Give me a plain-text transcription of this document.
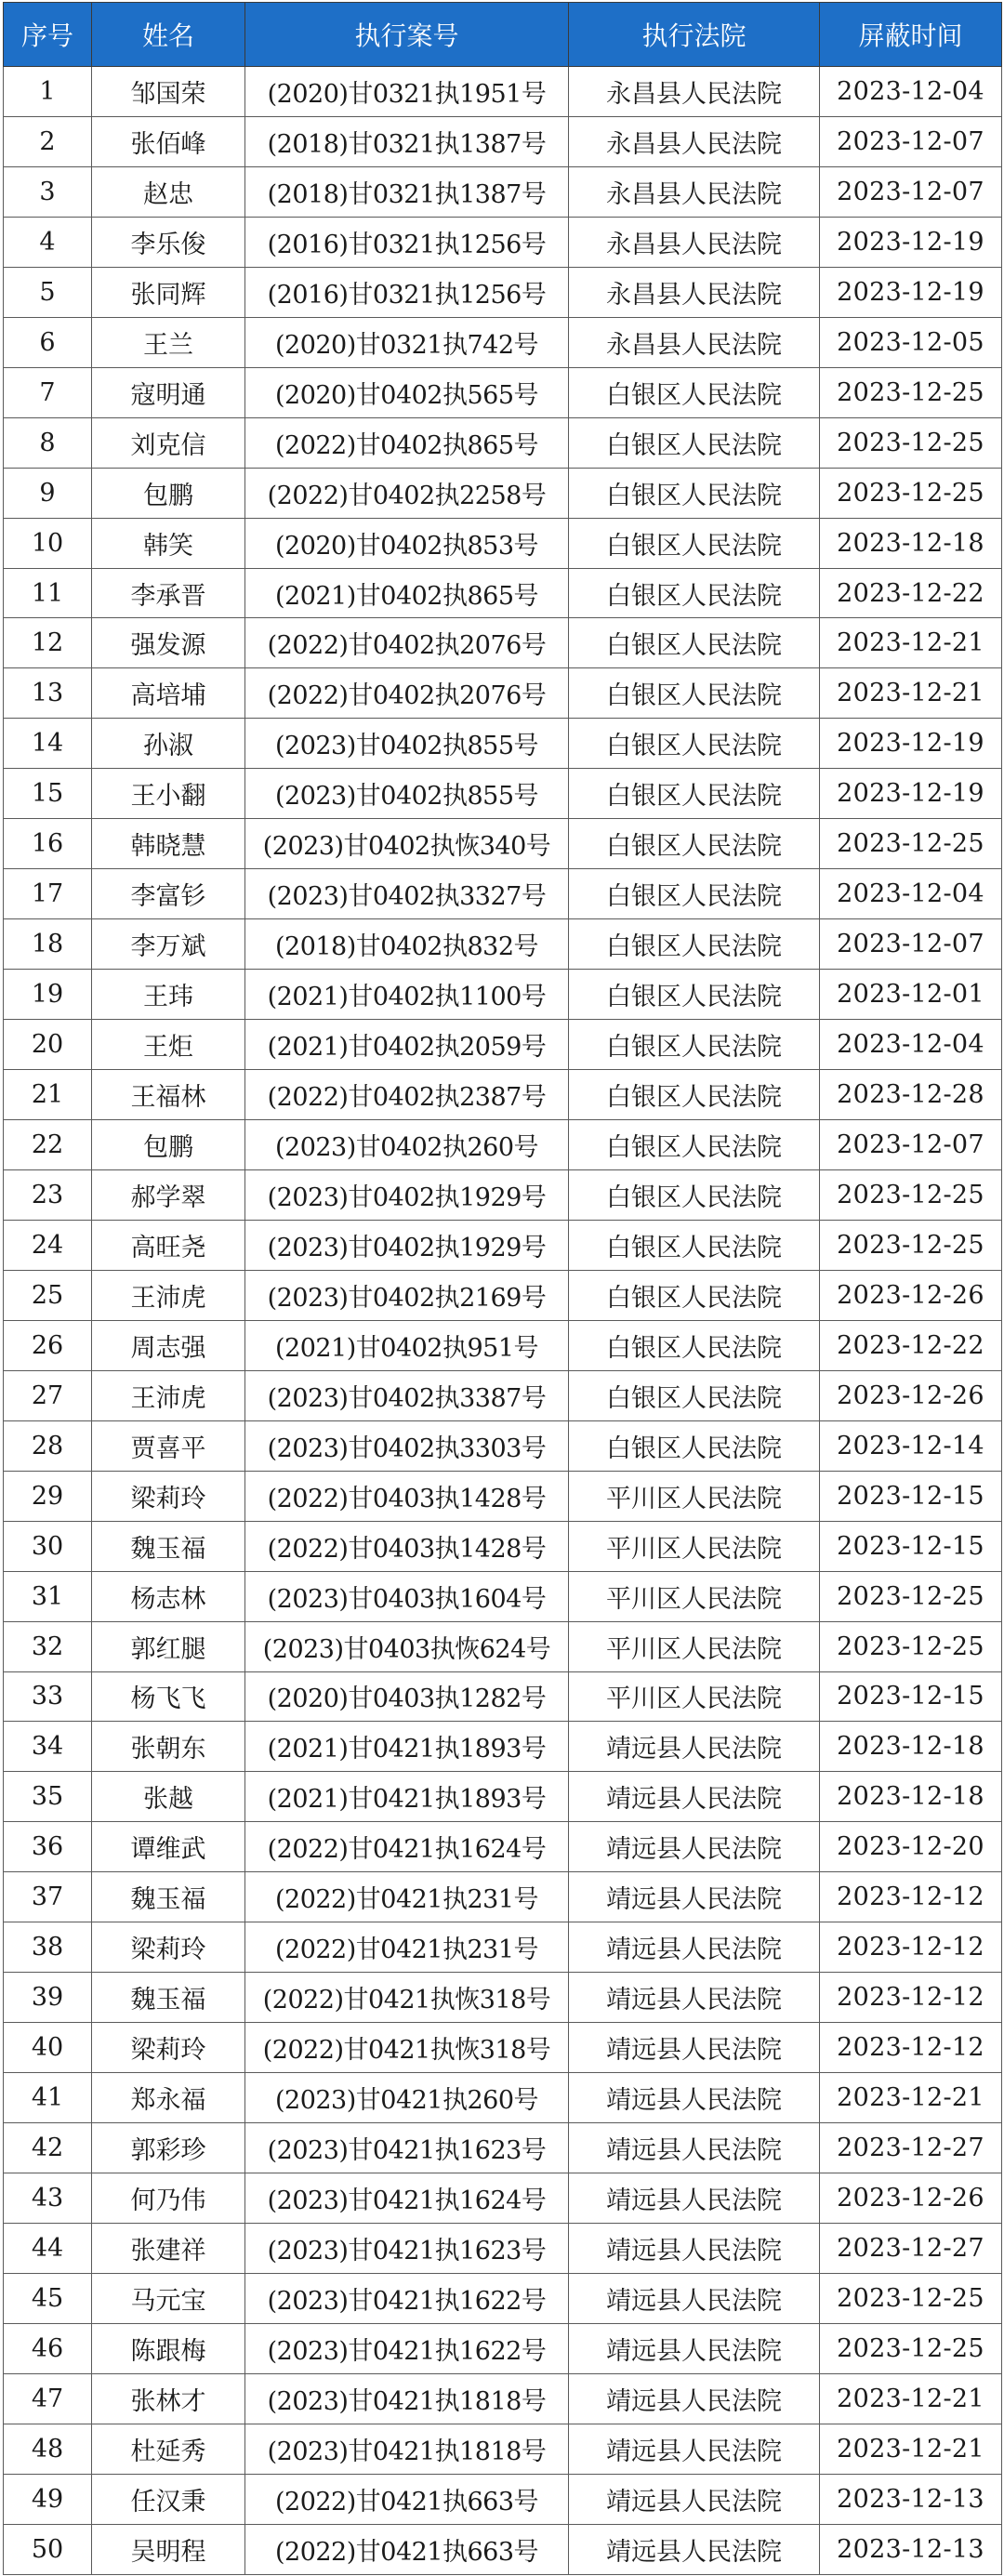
序号	姓名	执行案号	执行法院	屏蔽时间
1	邹国荣	(2020)甘0321执1951号	永昌县人民法院	2023-12-04
2	张佰峰	(2018)甘0321执1387号	永昌县人民法院	2023-12-07
3	赵忠	(2018)甘0321执1387号	永昌县人民法院	2023-12-07
4	李乐俊	(2016)甘0321执1256号	永昌县人民法院	2023-12-19
5	张同辉	(2016)甘0321执1256号	永昌县人民法院	2023-12-19
6	王兰	(2020)甘0321执742号	永昌县人民法院	2023-12-05
7	寇明通	(2020)甘0402执565号	白银区人民法院	2023-12-25
8	刘克信	(2022)甘0402执865号	白银区人民法院	2023-12-25
9	包鹏	(2022)甘0402执2258号	白银区人民法院	2023-12-25
10	韩笑	(2020)甘0402执853号	白银区人民法院	2023-12-18
11	李承晋	(2021)甘0402执865号	白银区人民法院	2023-12-22
12	强发源	(2022)甘0402执2076号	白银区人民法院	2023-12-21
13	高培埔	(2022)甘0402执2076号	白银区人民法院	2023-12-21
14	孙淑	(2023)甘0402执855号	白银区人民法院	2023-12-19
15	王小翻	(2023)甘0402执855号	白银区人民法院	2023-12-19
16	韩晓慧	(2023)甘0402执恢340号	白银区人民法院	2023-12-25
17	李富钐	(2023)甘0402执3327号	白银区人民法院	2023-12-04
18	李万斌	(2018)甘0402执832号	白银区人民法院	2023-12-07
19	王玮	(2021)甘0402执1100号	白银区人民法院	2023-12-01
20	王炬	(2021)甘0402执2059号	白银区人民法院	2023-12-04
21	王福林	(2022)甘0402执2387号	白银区人民法院	2023-12-28
22	包鹏	(2023)甘0402执260号	白银区人民法院	2023-12-07
23	郝学翠	(2023)甘0402执1929号	白银区人民法院	2023-12-25
24	高旺尧	(2023)甘0402执1929号	白银区人民法院	2023-12-25
25	王沛虎	(2023)甘0402执2169号	白银区人民法院	2023-12-26
26	周志强	(2021)甘0402执951号	白银区人民法院	2023-12-22
27	王沛虎	(2023)甘0402执3387号	白银区人民法院	2023-12-26
28	贾喜平	(2023)甘0402执3303号	白银区人民法院	2023-12-14
29	梁莉玲	(2022)甘0403执1428号	平川区人民法院	2023-12-15
30	魏玉福	(2022)甘0403执1428号	平川区人民法院	2023-12-15
31	杨志林	(2023)甘0403执1604号	平川区人民法院	2023-12-25
32	郭红腿	(2023)甘0403执恢624号	平川区人民法院	2023-12-25
33	杨飞飞	(2020)甘0403执1282号	平川区人民法院	2023-12-15
34	张朝东	(2021)甘0421执1893号	靖远县人民法院	2023-12-18
35	张越	(2021)甘0421执1893号	靖远县人民法院	2023-12-18
36	谭维武	(2022)甘0421执1624号	靖远县人民法院	2023-12-20
37	魏玉福	(2022)甘0421执231号	靖远县人民法院	2023-12-12
38	梁莉玲	(2022)甘0421执231号	靖远县人民法院	2023-12-12
39	魏玉福	(2022)甘0421执恢318号	靖远县人民法院	2023-12-12
40	梁莉玲	(2022)甘0421执恢318号	靖远县人民法院	2023-12-12
41	郑永福	(2023)甘0421执260号	靖远县人民法院	2023-12-21
42	郭彩珍	(2023)甘0421执1623号	靖远县人民法院	2023-12-27
43	何乃伟	(2023)甘0421执1624号	靖远县人民法院	2023-12-26
44	张建祥	(2023)甘0421执1623号	靖远县人民法院	2023-12-27
45	马元宝	(2023)甘0421执1622号	靖远县人民法院	2023-12-25
46	陈跟梅	(2023)甘0421执1622号	靖远县人民法院	2023-12-25
47	张林才	(2023)甘0421执1818号	靖远县人民法院	2023-12-21
48	杜延秀	(2023)甘0421执1818号	靖远县人民法院	2023-12-21
49	任汉秉	(2022)甘0421执663号	靖远县人民法院	2023-12-13
50	吴明程	(2022)甘0421执663号	靖远县人民法院	2023-12-13
